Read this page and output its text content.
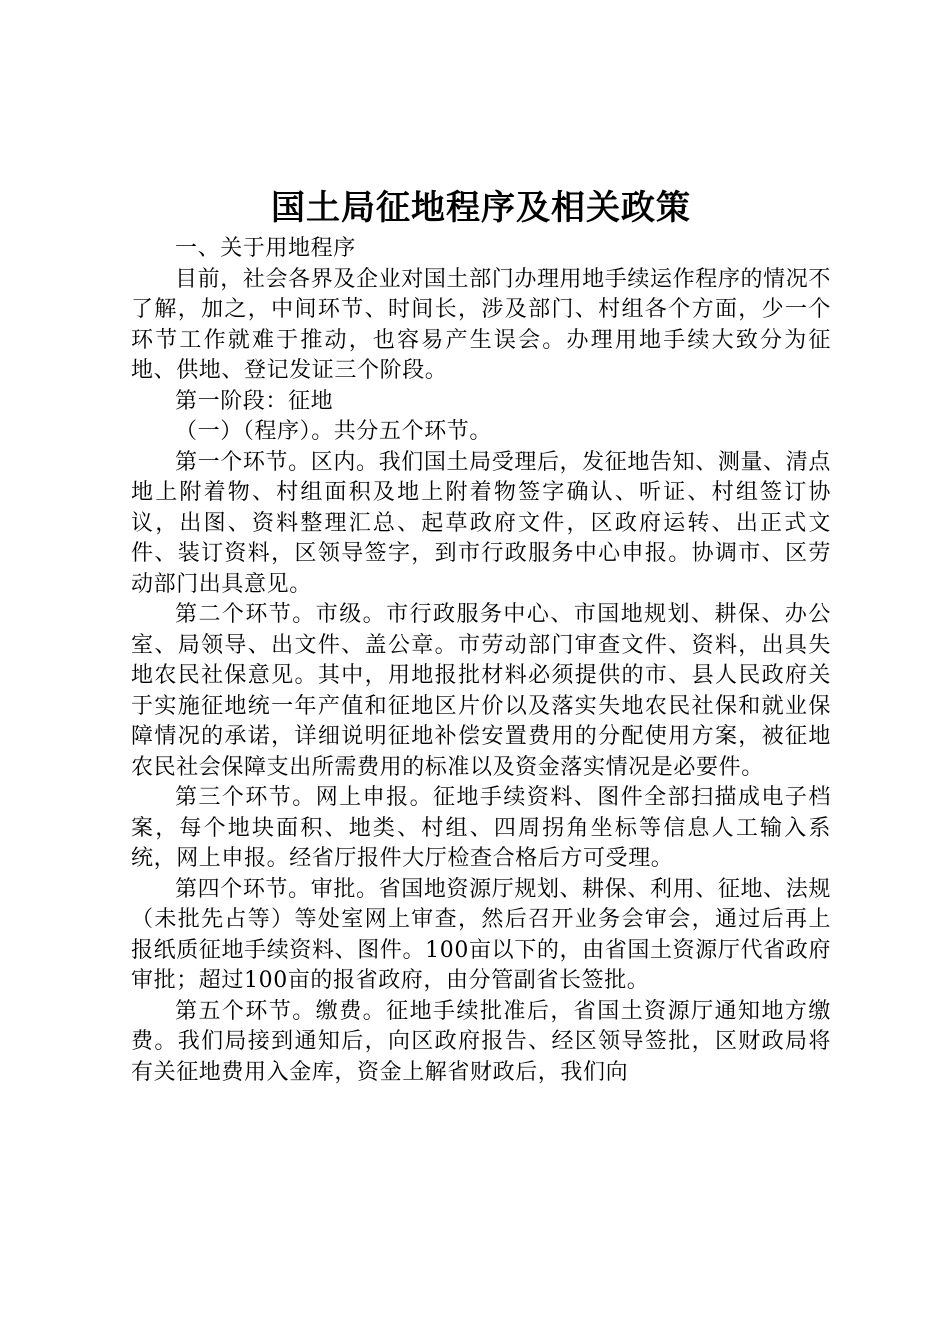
国土局征地程序及相关政策

一、关于用地程序

目前，社会各界及企业对国土部门办理用地手续运作程序的情况不了解，加之，中间环节、时间长，涉及部门、村组各个方面，少一个环节工作就难于推动，也容易产生误会。办理用地手续大致分为征地、供地、登记发证三个阶段。

第一阶段：征地

（一）（程序）。共分五个环节。

第一个环节。区内。我们国土局受理后，发征地告知、测量、清点地上附着物、村组面积及地上附着物签字确认、听证、村组签订协议，出图、资料整理汇总、起草政府文件，区政府运转、出正式文件、装订资料，区领导签字，到市行政服务中心申报。协调市、区劳动部门出具意见。

第二个环节。市级。市行政服务中心、市国地规划、耕保、办公室、局领导、出文件、盖公章。市劳动部门审查文件、资料，出具失地农民社保意见。其中，用地报批材料必须提供的市、县人民政府关于实施征地统一年产值和征地区片价以及落实失地农民社保和就业保障情况的承诺，详细说明征地补偿安置费用的分配使用方案，被征地农民社会保障支出所需费用的标准以及资金落实情况是必要件。

第三个环节。网上申报。征地手续资料、图件全部扫描成电子档案，每个地块面积、地类、村组、四周拐角坐标等信息人工输入系统，网上申报。经省厅报件大厅检查合格后方可受理。

第四个环节。审批。省国地资源厅规划、耕保、利用、征地、法规（未批先占等）等处室网上审查，然后召开业务会审会，通过后再上报纸质征地手续资料、图件。100亩以下的，由省国土资源厅代省政府审批；超过100亩的报省政府，由分管副省长签批。

第五个环节。缴费。征地手续批准后，省国土资源厅通知地方缴费。我们局接到通知后，向区政府报告、经区领导签批，区财政局将有关征地费用入金库，资金上解省财政后，我们向
